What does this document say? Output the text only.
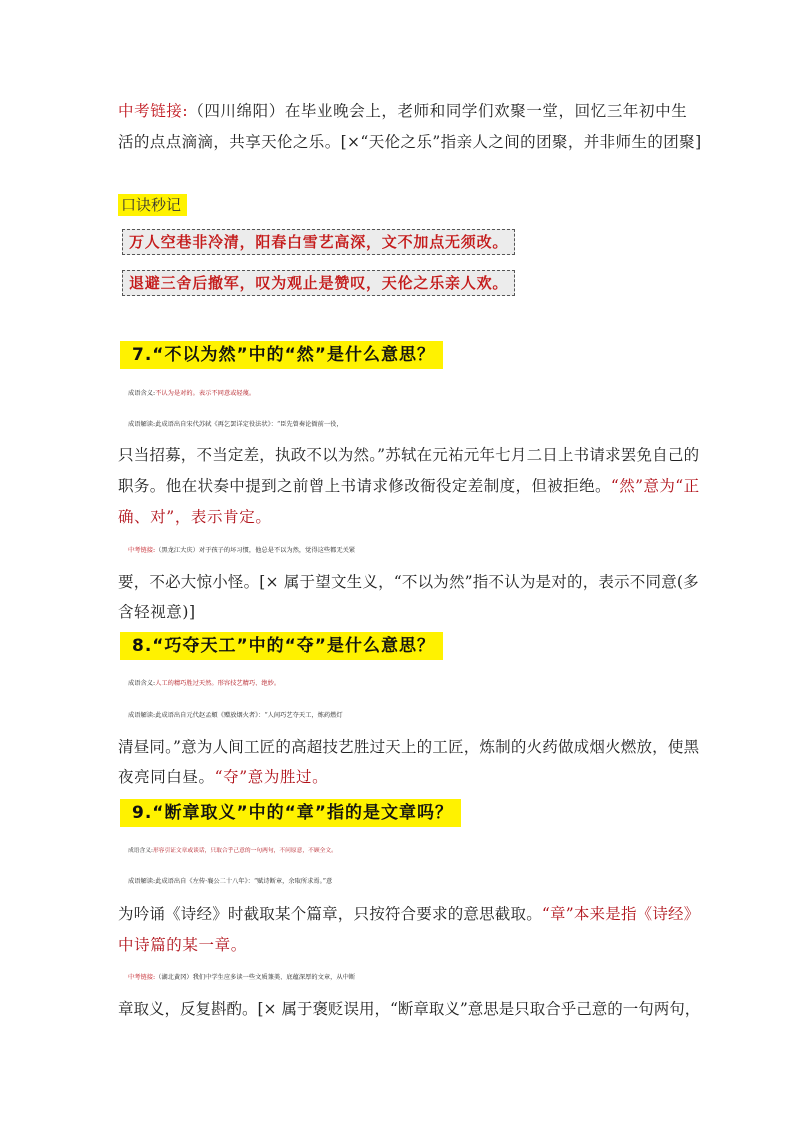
中考链接:（四川绵阳）在毕业晚会上，老师和同学们欢聚一堂，回忆三年初中生
活的点点滴滴，共享天伦之乐。[×“天伦之乐”指亲人之间的团聚，并非师生的团聚]
口诀秒记
万人空巷非冷清，阳春白雪艺高深，文不加点无须改。
退避三舍后撤军，叹为观止是赞叹，天伦之乐亲人欢。
7.“不以为然”中的“然”是什么意思？
成语含义:不认为是对的。表示不同意或轻蔑。
成语解读:此成语出自宋代苏轼《再乞罢详定役法状》：“臣先曾奏论衙前一役，
只当招募，不当定差，执政不以为然。”苏轼在元祐元年七月二日上书请求罢免自己的
职务。他在状奏中提到之前曾上书请求修改衙役定差制度，但被拒绝。“然”意为“正
确、对”，表示肯定。
中考链接:（黑龙江大庆）对于孩子的坏习惯，他总是不以为然，觉得这些都无关紧
要，不必大惊小怪。[× 属于望文生义，“不以为然”指不认为是对的，表示不同意(多
含轻视意)]
8.“巧夺天工”中的“夺”是什么意思？
成语含义:人工的精巧胜过天然。形容技艺精巧、绝妙。
成语解读:此成语出自元代赵孟頫《赠放烟火者》：“人间巧艺夺天工，炼药燃灯
清昼同。”意为人间工匠的高超技艺胜过天上的工匠，炼制的火药做成烟火燃放，使黑
夜亮同白昼。“夺”意为胜过。
9.“断章取义”中的“章”指的是文章吗？
成语含义:形容引证文章或谈话，只取合乎己意的一句两句，不问原意，不顾全文。
成语解读:此成语出自《左传·襄公二十八年》：“赋诗断章，余取所求焉。”意
为吟诵《诗经》时截取某个篇章，只按符合要求的意思截取。“章”本来是指《诗经》
中诗篇的某一章。
中考链接:（湖北黄冈）我们中学生应多读一些文质兼美、底蕴深厚的文章，从中断
章取义，反复斟酌。[× 属于褒贬误用，“断章取义”意思是只取合乎己意的一句两句，
